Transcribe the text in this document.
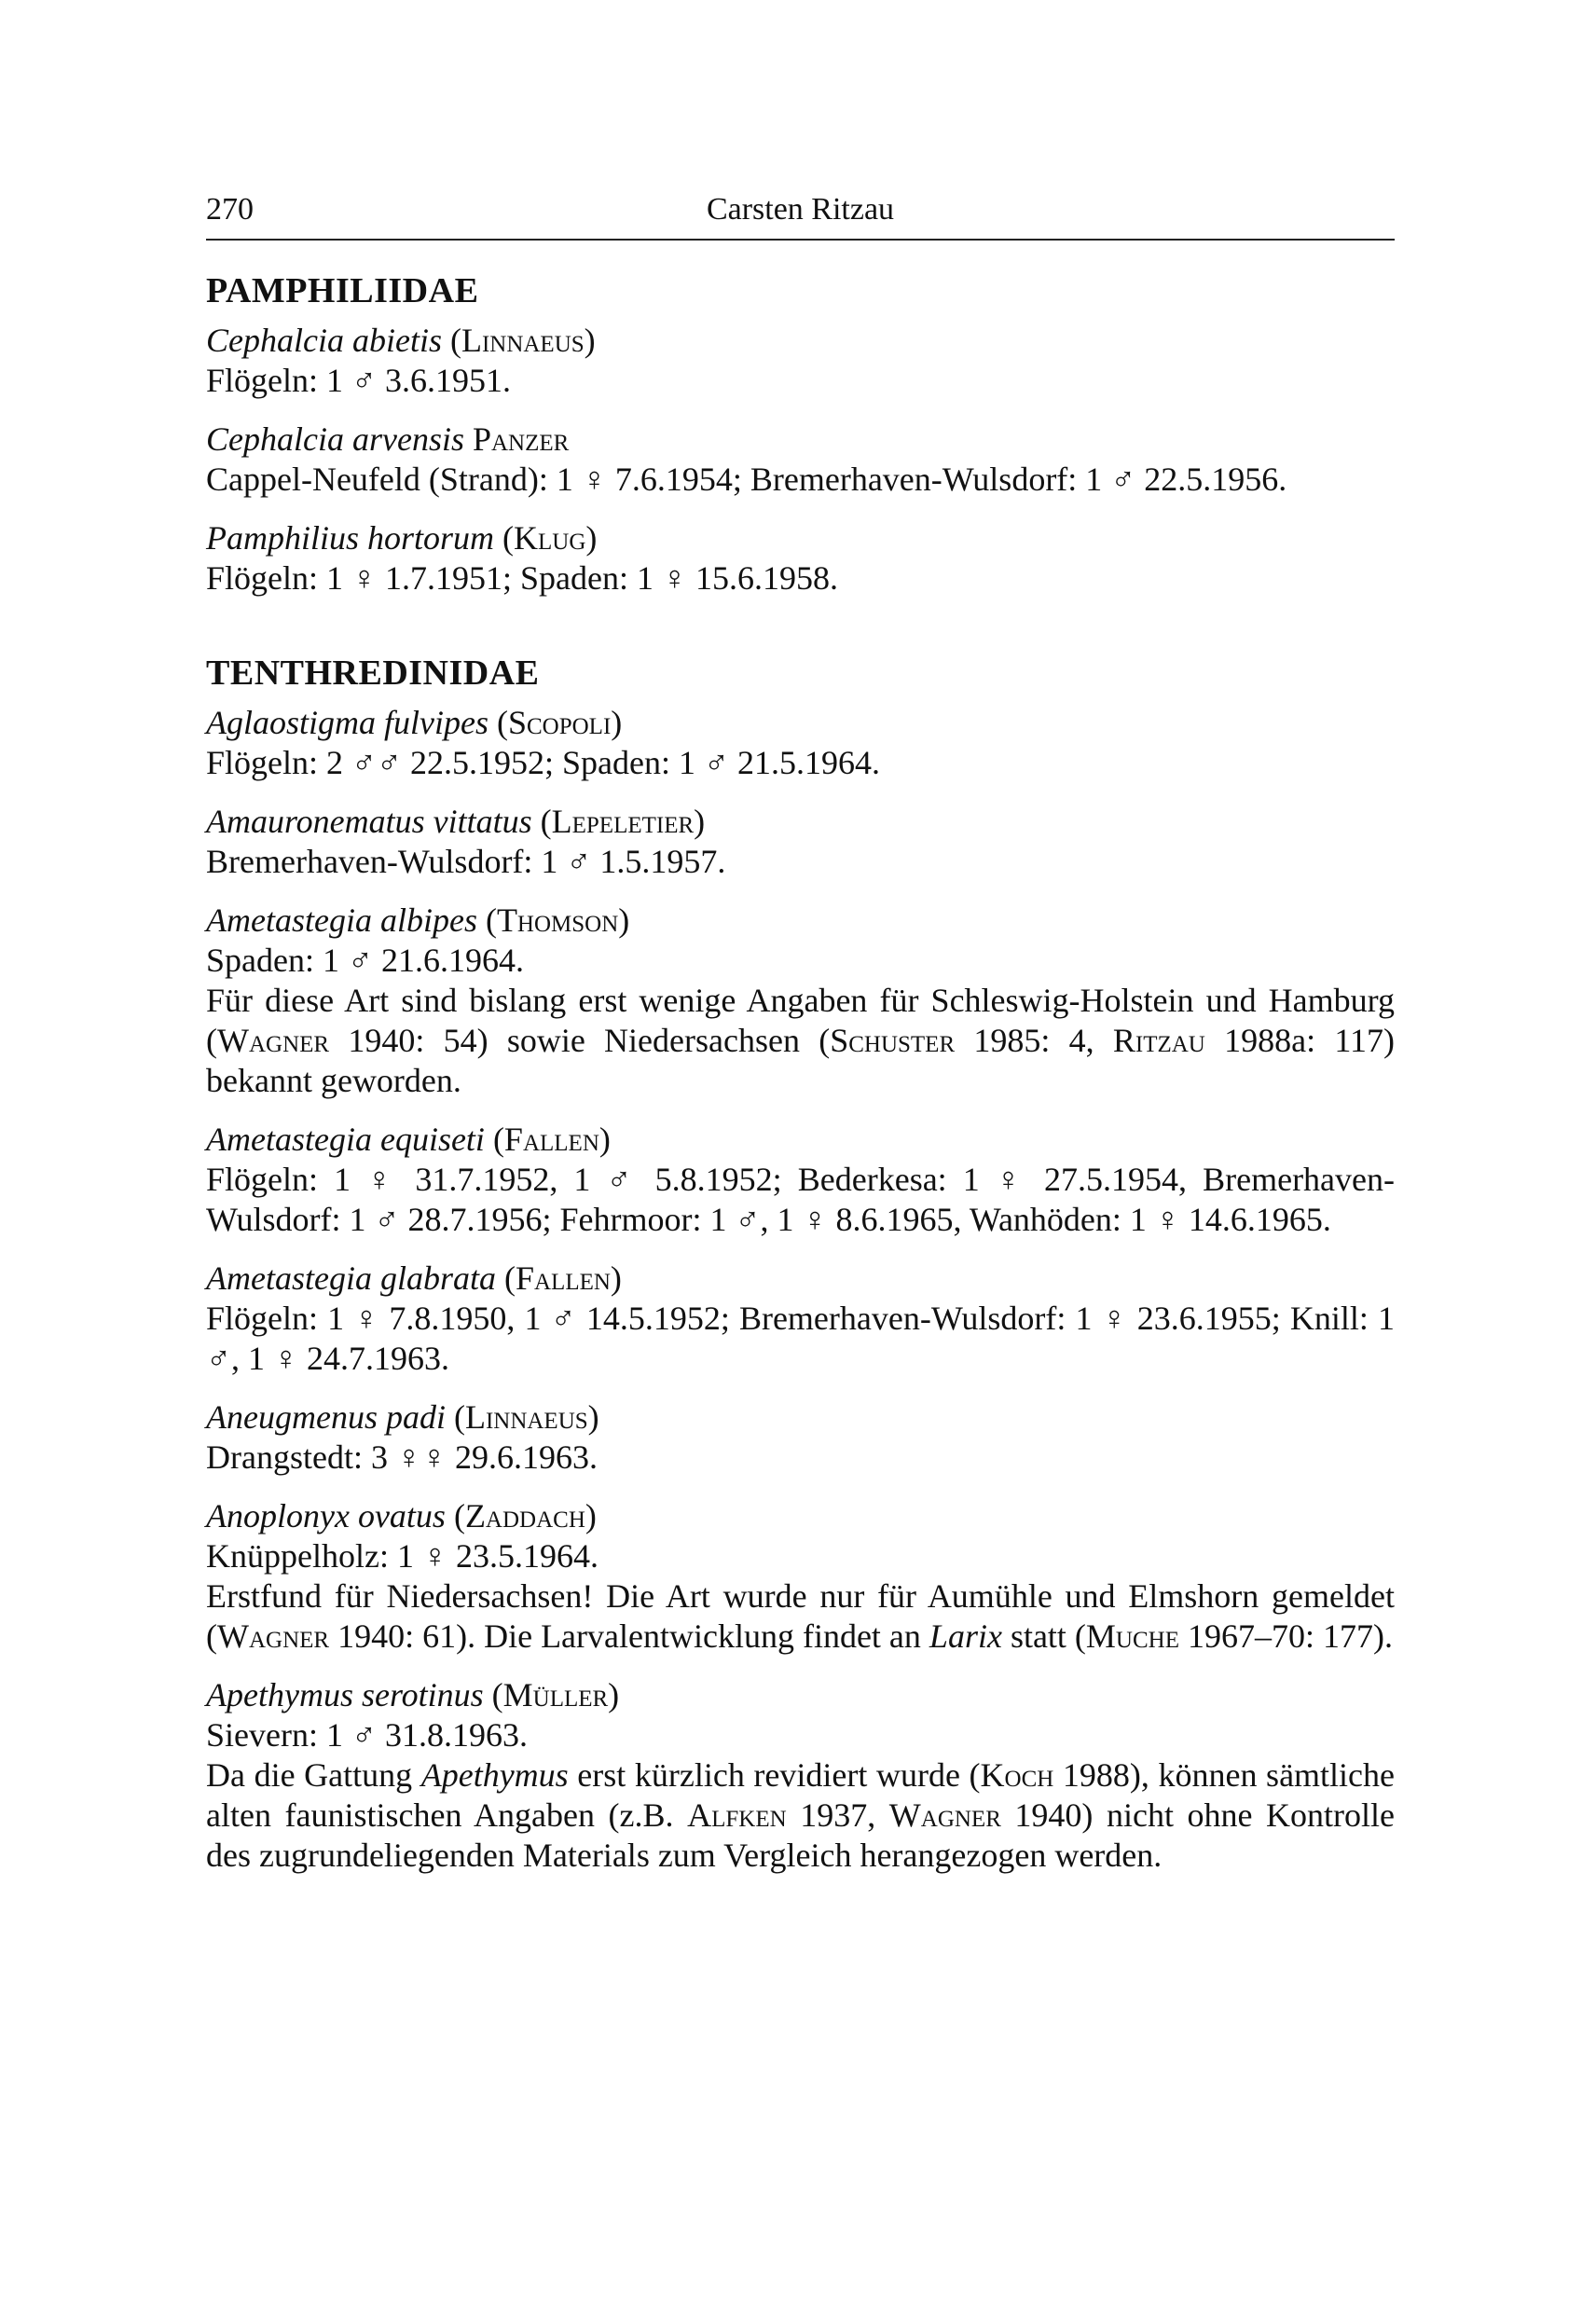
270	Carsten Ritzau
PAMPHILIIDAE

Cephalcia abietis (Linnaeus)

Flögeln: 1 ♂ 3.6.1951.

Cephalcia arvensis Panzer

Cappel-Neufeld (Strand): 1 ♀ 7.6.1954; Bremerhaven-Wulsdorf: 1 ♂ 22.5.1956.

Pamphilius hortorum (Klug)

Flögeln: 1 ♀ 1.7.1951; Spaden: 1 ♀ 15.6.1958.

TENTHREDINIDAE

Aglaostigma fulvipes (Scopoli)

Flögeln: 2 ♂♂ 22.5.1952; Spaden: 1 ♂ 21.5.1964.

Amauronematus vittatus (Lepeletier)

Bremerhaven-Wulsdorf: 1 ♂ 1.5.1957.

Ametastegia albipes (Thomson)

Spaden: 1 ♂ 21.6.1964.

Für diese Art sind bislang erst wenige Angaben für Schleswig-Holstein und Hamburg (Wagner 1940: 54) sowie Niedersachsen (Schuster 1985: 4, Ritzau 1988a: 117) bekannt geworden.

Ametastegia equiseti (Fallen)

Flögeln: 1 ♀ 31.7.1952, 1 ♂ 5.8.1952; Bederkesa: 1 ♀ 27.5.1954, Bremerhaven-Wulsdorf: 1 ♂ 28.7.1956; Fehrmoor: 1 ♂, 1 ♀ 8.6.1965, Wanhöden: 1 ♀ 14.6.1965.

Ametastegia glabrata (Fallen)

Flögeln: 1 ♀ 7.8.1950, 1 ♂ 14.5.1952; Bremerhaven-Wulsdorf: 1 ♀ 23.6.1955; Knill: 1 ♂, 1 ♀ 24.7.1963.

Aneugmenus padi (Linnaeus)

Drangstedt: 3 ♀♀ 29.6.1963.

Anoplonyx ovatus (Zaddach)

Knüppelholz: 1 ♀ 23.5.1964.

Erstfund für Niedersachsen! Die Art wurde nur für Aumühle und Elmshorn gemeldet (Wagner 1940: 61). Die Larvalentwicklung findet an Larix statt (Muche 1967–70: 177).

Apethymus serotinus (Müller)

Sievern: 1 ♂ 31.8.1963.

Da die Gattung Apethymus erst kürzlich revidiert wurde (Koch 1988), können sämtliche alten faunistischen Angaben (z.B. Alfken 1937, Wagner 1940) nicht ohne Kontrolle des zugrundeliegenden Materials zum Vergleich herangezogen werden.
